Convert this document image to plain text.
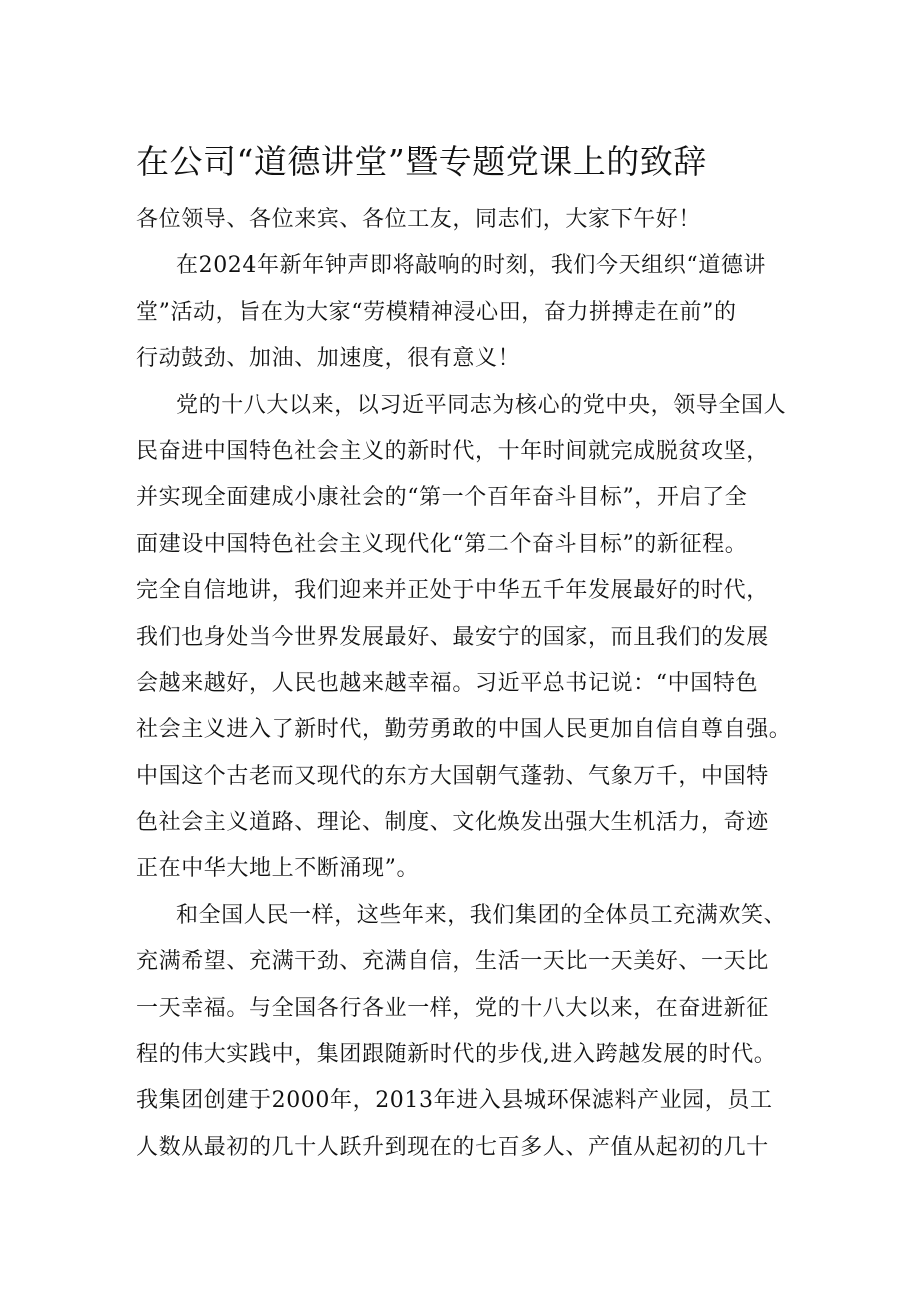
在公司“道德讲堂”暨专题党课上的致辞
各位领导、各位来宾、各位工友，同志们，大家下午好！
在2024年新年钟声即将敲响的时刻，我们今天组织“道德讲
堂”活动，旨在为大家“劳模精神浸心田，奋力拼搏走在前”的
行动鼓劲、加油、加速度，很有意义！
党的十八大以来，以习近平同志为核心的党中央，领导全国人
民奋进中国特色社会主义的新时代，十年时间就完成脱贫攻坚，
并实现全面建成小康社会的“第一个百年奋斗目标”，开启了全
面建设中国特色社会主义现代化“第二个奋斗目标”的新征程。
完全自信地讲，我们迎来并正处于中华五千年发展最好的时代，
我们也身处当今世界发展最好、最安宁的国家，而且我们的发展
会越来越好，人民也越来越幸福。习近平总书记说：“中国特色
社会主义进入了新时代，勤劳勇敢的中国人民更加自信自尊自强。
中国这个古老而又现代的东方大国朝气蓬勃、气象万千，中国特
色社会主义道路、理论、制度、文化焕发出强大生机活力，奇迹
正在中华大地上不断涌现”。
和全国人民一样，这些年来，我们集团的全体员工充满欢笑、
充满希望、充满干劲、充满自信，生活一天比一天美好、一天比
一天幸福。与全国各行各业一样，党的十八大以来，在奋进新征
程的伟大实践中，集团跟随新时代的步伐,进入跨越发展的时代。
我集团创建于2000年，2013年进入县城环保滤料产业园，员工
人数从最初的几十人跃升到现在的七百多人、产值从起初的几十
